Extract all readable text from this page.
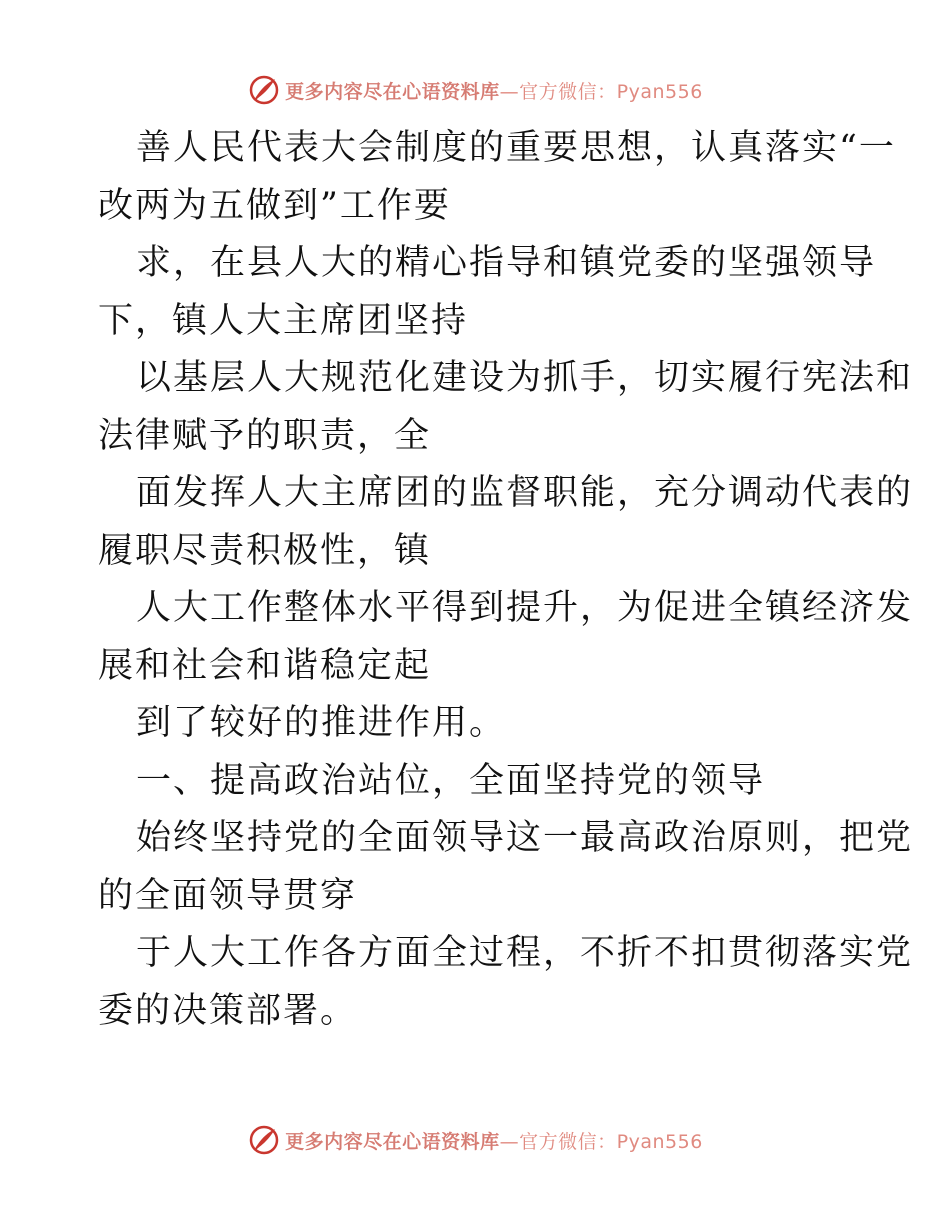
更多内容尽在心语资料库—官方微信：Pyan556
善人民代表大会制度的重要思想，认真落实“一
改两为五做到”工作要
求，在县人大的精心指导和镇党委的坚强领导
下，镇人大主席团坚持
以基层人大规范化建设为抓手，切实履行宪法和
法律赋予的职责，全
面发挥人大主席团的监督职能，充分调动代表的
履职尽责积极性，镇
人大工作整体水平得到提升，为促进全镇经济发
展和社会和谐稳定起
到了较好的推进作用。
一、提高政治站位，全面坚持党的领导
始终坚持党的全面领导这一最高政治原则，把党
的全面领导贯穿
于人大工作各方面全过程，不折不扣贯彻落实党
委的决策部署。
更多内容尽在心语资料库—官方微信：Pyan556
